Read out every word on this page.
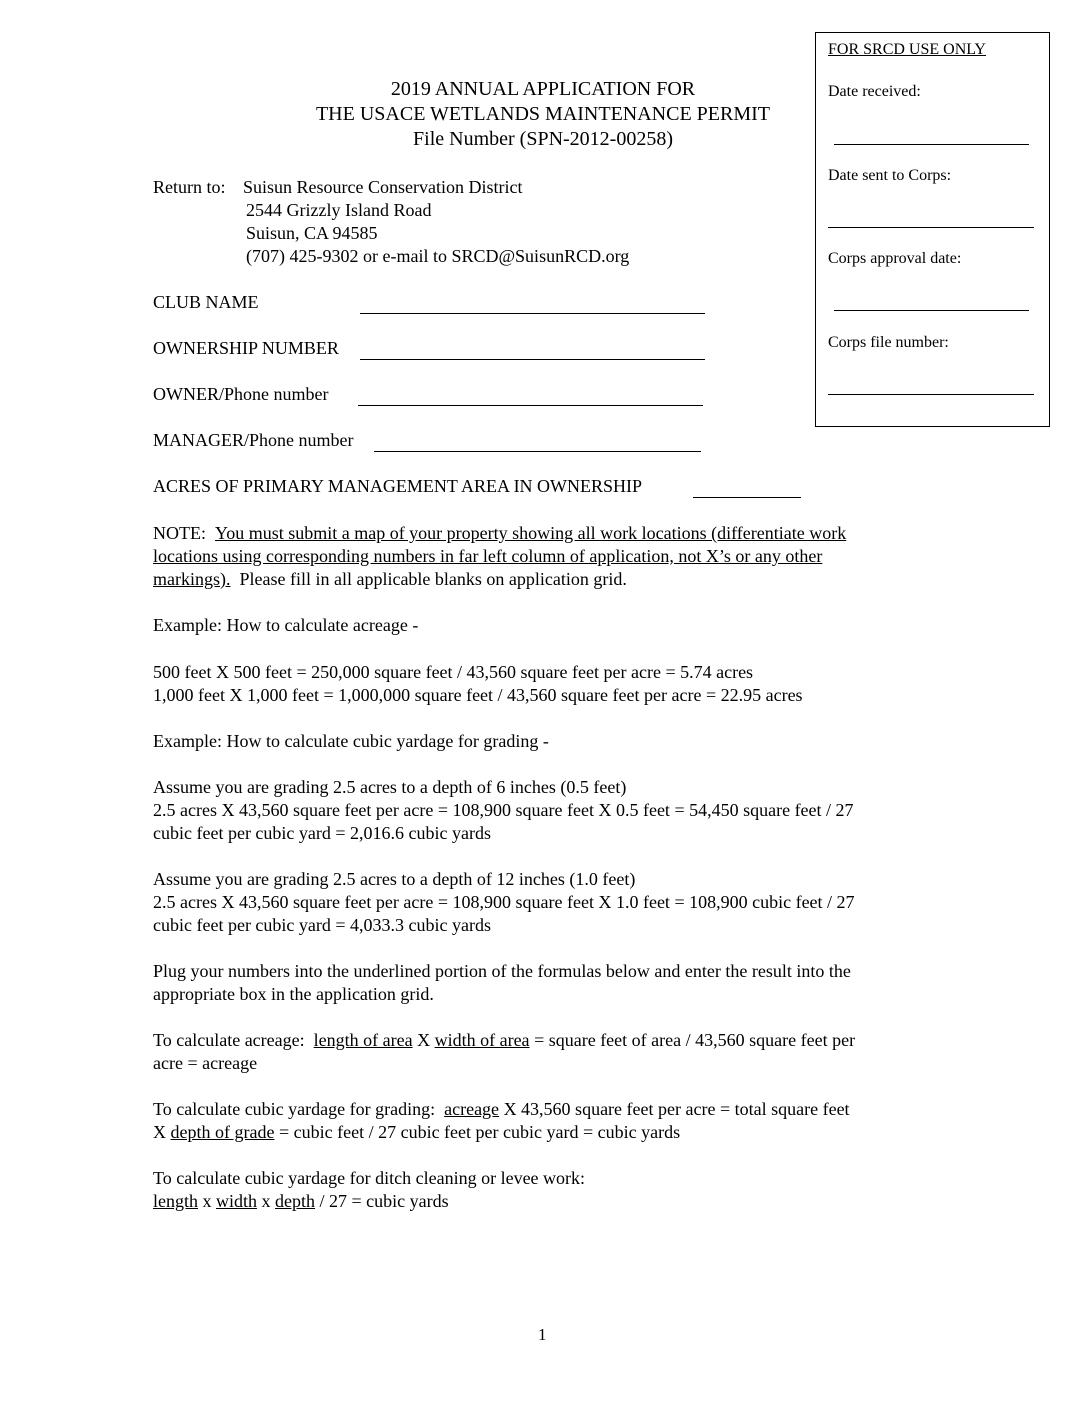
2019 ANNUAL APPLICATION FOR
THE USACE WETLANDS MAINTENANCE PERMIT
File Number (SPN-2012-00258)
FOR SRCD USE ONLY
Date received:
Date sent to Corps:
Corps approval date:
Corps file number:
Return to: Suisun Resource Conservation District
2544 Grizzly Island Road
Suisun, CA 94585
(707) 425-9302 or e-mail to SRCD@SuisunRCD.org
CLUB NAME
OWNERSHIP NUMBER
OWNER/Phone number
MANAGER/Phone number
ACRES OF PRIMARY MANAGEMENT AREA IN OWNERSHIP
NOTE: You must submit a map of your property showing all work locations (differentiate work
locations using corresponding numbers in far left column of application, not X’s or any other
markings). Please fill in all applicable blanks on application grid.
Example: How to calculate acreage -
500 feet X 500 feet = 250,000 square feet / 43,560 square feet per acre = 5.74 acres
1,000 feet X 1,000 feet = 1,000,000 square feet / 43,560 square feet per acre = 22.95 acres
Example: How to calculate cubic yardage for grading -
Assume you are grading 2.5 acres to a depth of 6 inches (0.5 feet)
2.5 acres X 43,560 square feet per acre = 108,900 square feet X 0.5 feet = 54,450 square feet / 27
cubic feet per cubic yard = 2,016.6 cubic yards
Assume you are grading 2.5 acres to a depth of 12 inches (1.0 feet)
2.5 acres X 43,560 square feet per acre = 108,900 square feet X 1.0 feet = 108,900 cubic feet / 27
cubic feet per cubic yard = 4,033.3 cubic yards
Plug your numbers into the underlined portion of the formulas below and enter the result into the
appropriate box in the application grid.
To calculate acreage: length of area X width of area = square feet of area / 43,560 square feet per
acre = acreage
To calculate cubic yardage for grading: acreage X 43,560 square feet per acre = total square feet
X depth of grade = cubic feet / 27 cubic feet per cubic yard = cubic yards
To calculate cubic yardage for ditch cleaning or levee work:
length x width x depth / 27 = cubic yards
1
